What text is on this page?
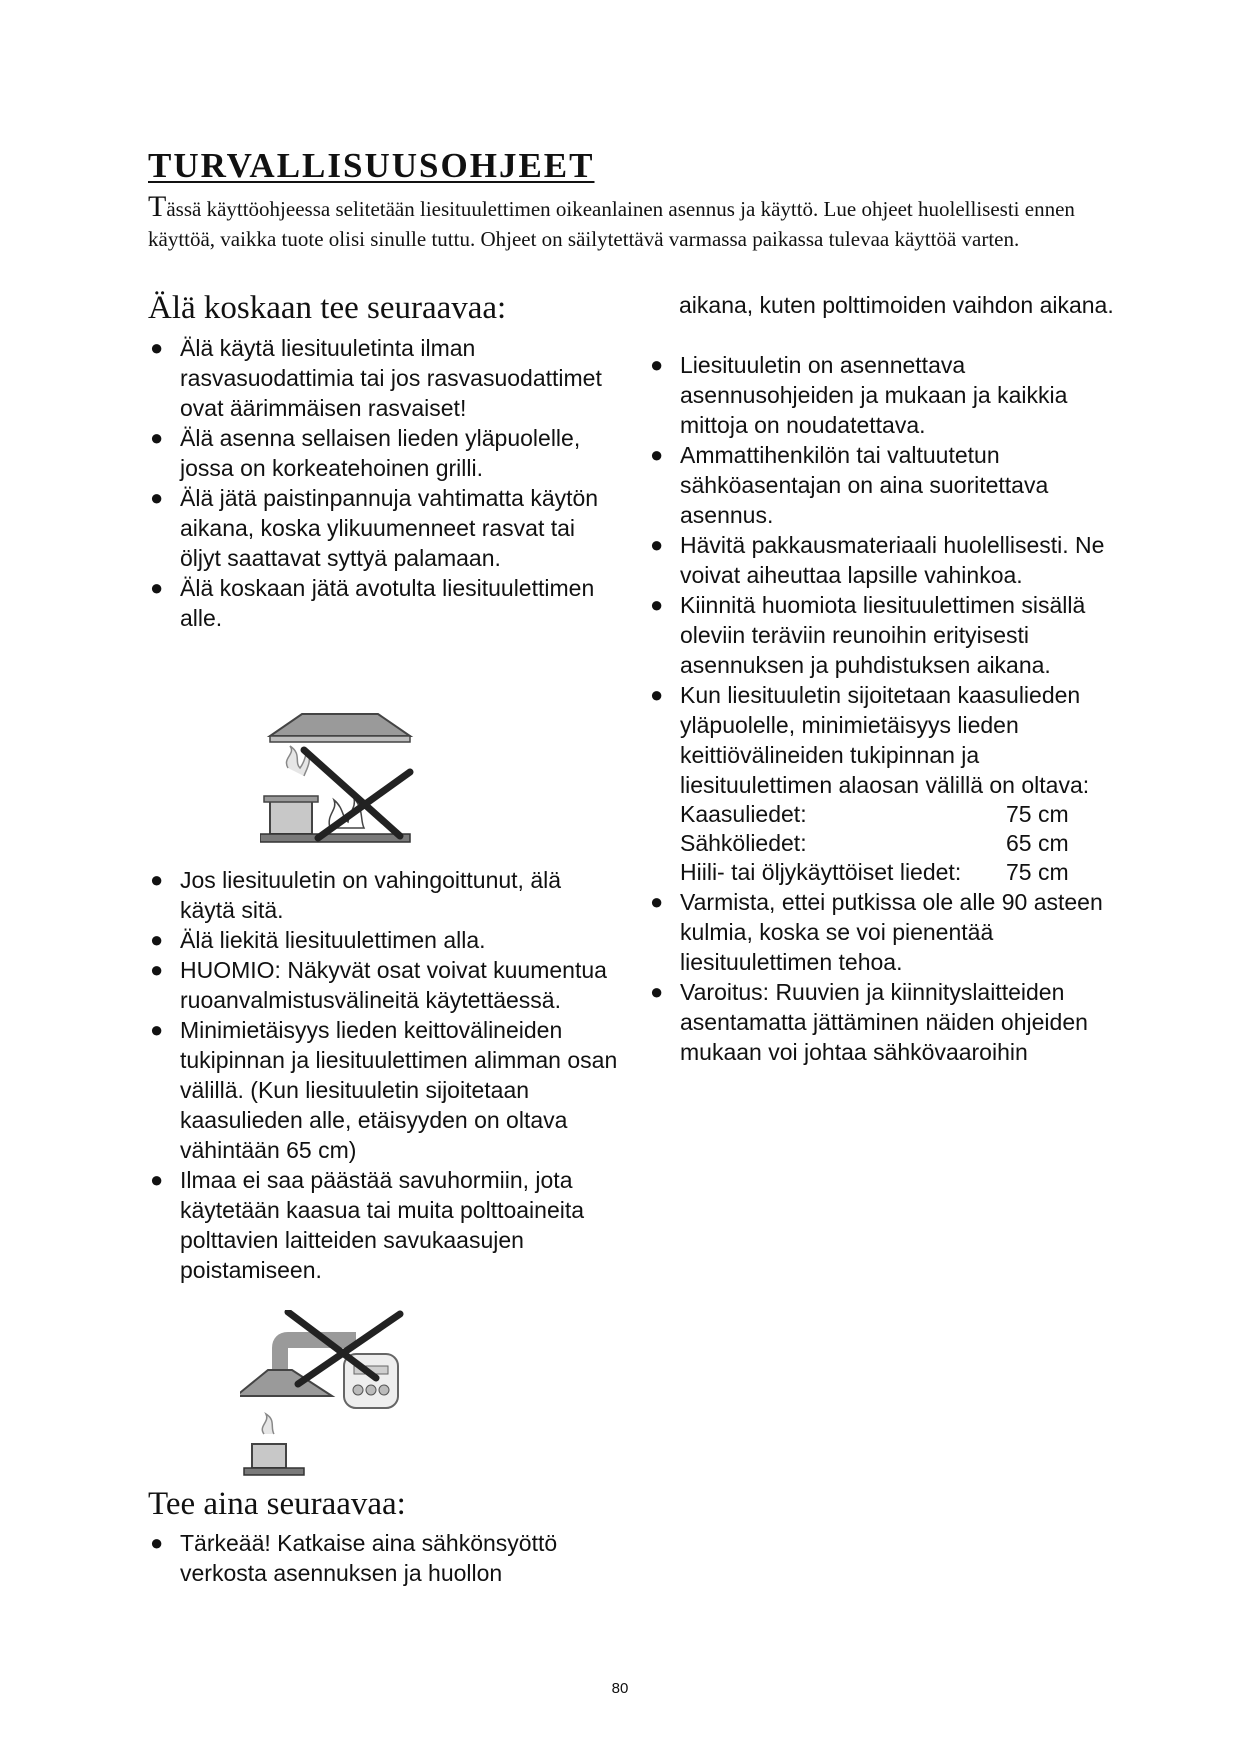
TURVALLISUUSOHJEET

Tässä käyttöohjeessa selitetään liesituulettimen oikeanlainen asennus ja käyttö. Lue ohjeet huolellisesti ennen käyttöä, vaikka tuote olisi sinulle tuttu. Ohjeet on säilytettävä varmassa paikassa tulevaa käyttöä varten.

Älä koskaan tee seuraavaa:
● Älä käytä liesituuletinta ilman rasvasuodattimia tai jos rasvasuodattimet ovat äärimmäisen rasvaiset!
● Älä asenna sellaisen lieden yläpuolelle, jossa on korkeatehoinen grilli.
● Älä jätä paistinpannuja vahtimatta käytön aikana, koska ylikuumenneet rasvat tai öljyt saattavat syttyä palamaan.
● Älä koskaan jätä avotulta liesituulettimen alle.
● Jos liesituuletin on vahingoittunut, älä käytä sitä.
● Älä liekitä liesituulettimen alla.
● HUOMIO: Näkyvät osat voivat kuumentua ruoanvalmistusvälineitä käytettäessä.
● Minimietäisyys lieden keittovälineiden tukipinnan ja liesituulettimen alimman osan välillä. (Kun liesituuletin sijoitetaan kaasulieden alle, etäisyyden on oltava vähintään 65 cm)
● Ilmaa ei saa päästää savuhormiin, jota käytetään kaasua tai muita polttoaineita polttavien laitteiden savukaasujen poistamiseen.
Tee aina seuraavaa:
● Tärkeää! Katkaise aina sähkönsyöttö verkosta asennuksen ja huollon

aikana, kuten polttimoiden vaihdon aikana.

● Liesituuletin on asennettava asennusohjeiden ja mukaan ja kaikkia mittoja on noudatettava.
● Ammattihenkilön tai valtuutetun sähköasentajan on aina suoritettava asennus.
● Hävitä pakkausmateriaali huolellisesti. Ne voivat aiheuttaa lapsille vahinkoa.
● Kiinnitä huomiota liesituulettimen sisällä oleviin teräviin reunoihin erityisesti asennuksen ja puhdistuksen aikana.
● Kun liesituuletin sijoitetaan kaasulieden yläpuolelle, minimietäisyys lieden keittiövälineiden tukipinnan ja liesituulettimen alaosan välillä on oltava:
Kaasuliedet:	75 cm
Sähköliedet:	65 cm
Hiili- tai öljykäyttöiset liedet:	75 cm
● Varmista, ettei putkissa ole alle 90 asteen kulmia, koska se voi pienentää liesituulettimen tehoa.
● Varoitus: Ruuvien ja kiinnityslaitteiden asentamatta jättäminen näiden ohjeiden mukaan voi johtaa sähkövaaroihin
80
